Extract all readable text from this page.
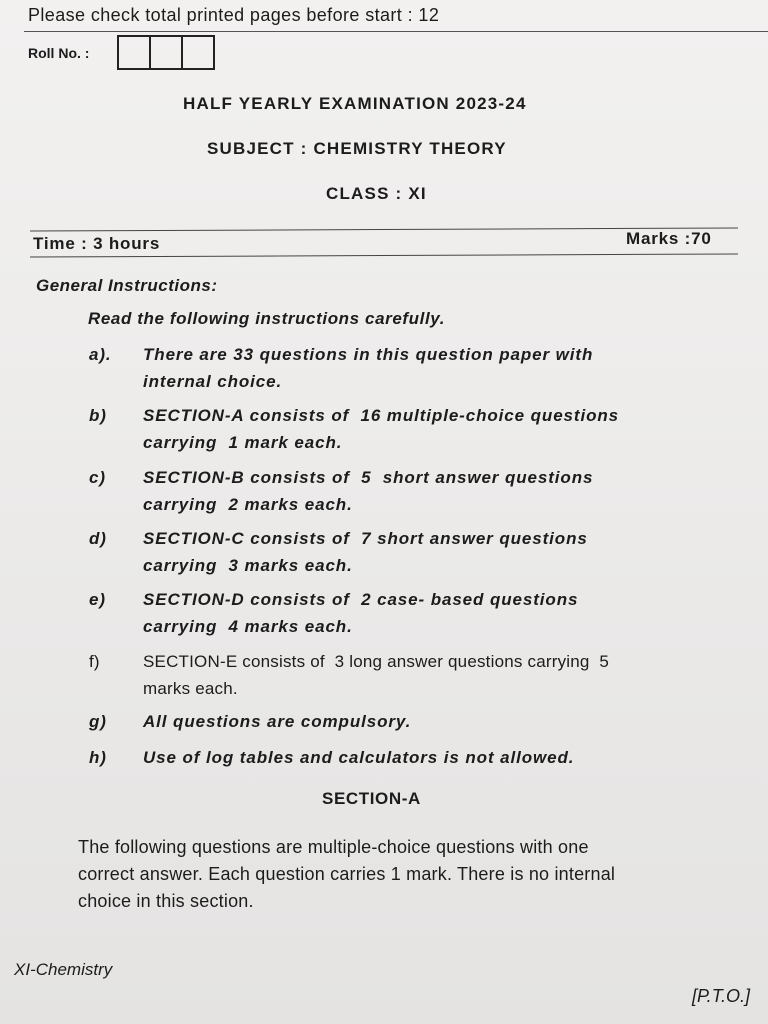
Please check total printed pages before start : 12
Roll No. :
HALF YEARLY EXAMINATION 2023-24
SUBJECT : CHEMISTRY THEORY
CLASS : XI
Marks :70
Time : 3 hours
General Instructions:
Read the following instructions carefully.
a). There are 33 questions in this question paper with
internal choice.
b) SECTION-A consists of  16 multiple-choice questions
carrying  1 mark each.
c) SECTION-B consists of  5  short answer questions
carrying  2 marks each.
d) SECTION-C consists of  7 short answer questions
carrying  3 marks each.
e) SECTION-D consists of  2 case- based questions
carrying  4 marks each.
f)	SECTION-E consists of  3 long answer questions carrying  5
marks each.
g) All questions are compulsory.
h) Use of log tables and calculators is not allowed.
SECTION-A
The following questions are multiple-choice questions with one
correct answer. Each question carries 1 mark. There is no internal
choice in this section.
XI-Chemistry
[P.T.O.]
